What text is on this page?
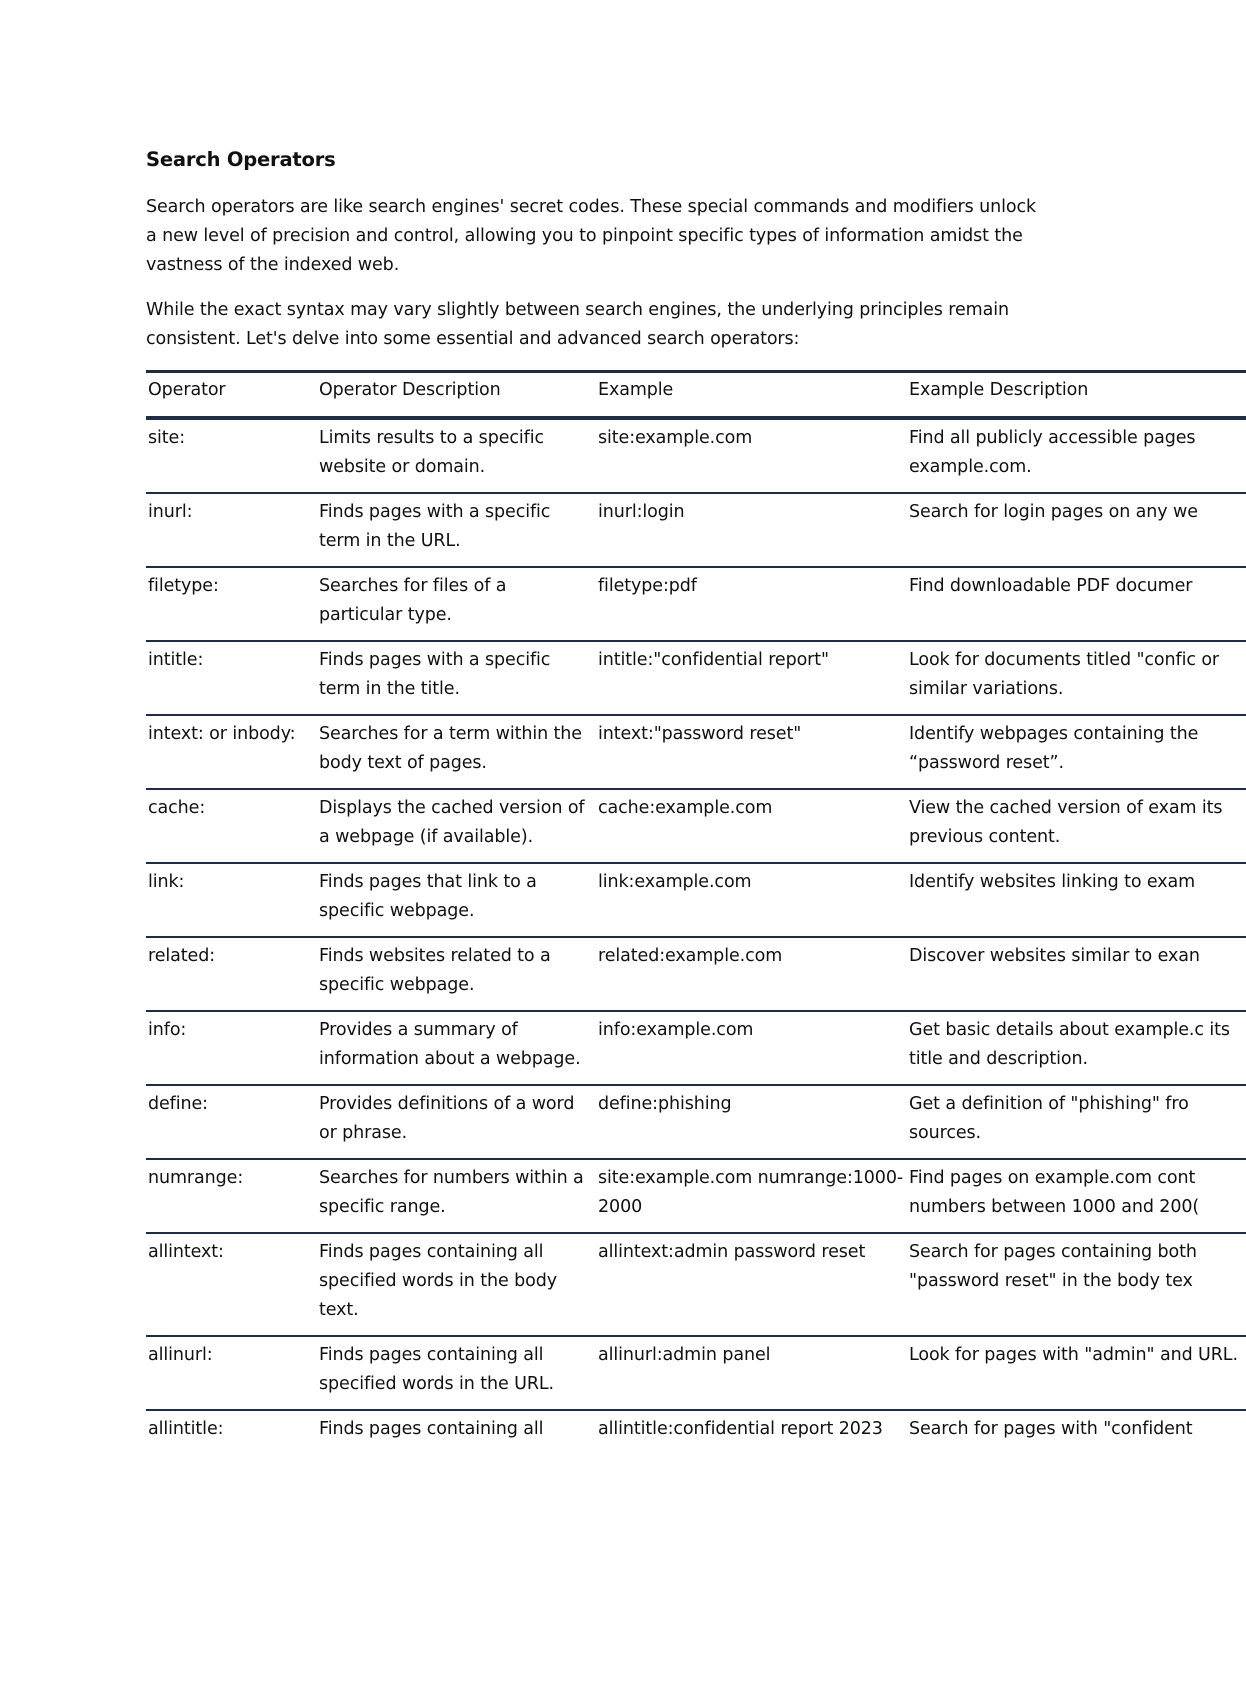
Search Operators

Search operators are like search engines' secret codes. These special commands and modifiers unlock a new level of precision and control, allowing you to pinpoint specific types of information amidst the vastness of the indexed web.

While the exact syntax may vary slightly between search engines, the underlying principles remain consistent. Let's delve into some essential and advanced search operators:

Operator	Operator Description	Example	Example Description
site:	Limits results to a specific website or domain.	site:example.com	Find all publicly accessible pages example.com.
inurl:	Finds pages with a specific term in the URL.	inurl:login	Search for login pages on any we
filetype:	Searches for files of a particular type.	filetype:pdf	Find downloadable PDF documer
intitle:	Finds pages with a specific term in the title.	intitle:"confidential report"	Look for documents titled "confic or similar variations.
intext: or inbody:	Searches for a term within the body text of pages.	intext:"password reset"	Identify webpages containing the “password reset”.
cache:	Displays the cached version of a webpage (if available).	cache:example.com	View the cached version of exam its previous content.
link:	Finds pages that link to a specific webpage.	link:example.com	Identify websites linking to exam
related:	Finds websites related to a specific webpage.	related:example.com	Discover websites similar to exan
info:	Provides a summary of information about a webpage.	info:example.com	Get basic details about example.c its title and description.
define:	Provides definitions of a word or phrase.	define:phishing	Get a definition of "phishing" fro sources.
numrange:	Searches for numbers within a specific range.	site:example.com numrange:1000-2000	Find pages on example.com cont numbers between 1000 and 200(
allintext:	Finds pages containing all specified words in the body text.	allintext:admin password reset	Search for pages containing both "password reset" in the body tex
allinurl:	Finds pages containing all specified words in the URL.	allinurl:admin panel	Look for pages with "admin" and URL.
allintitle:	Finds pages containing all	allintitle:confidential report 2023	Search for pages with "confident
